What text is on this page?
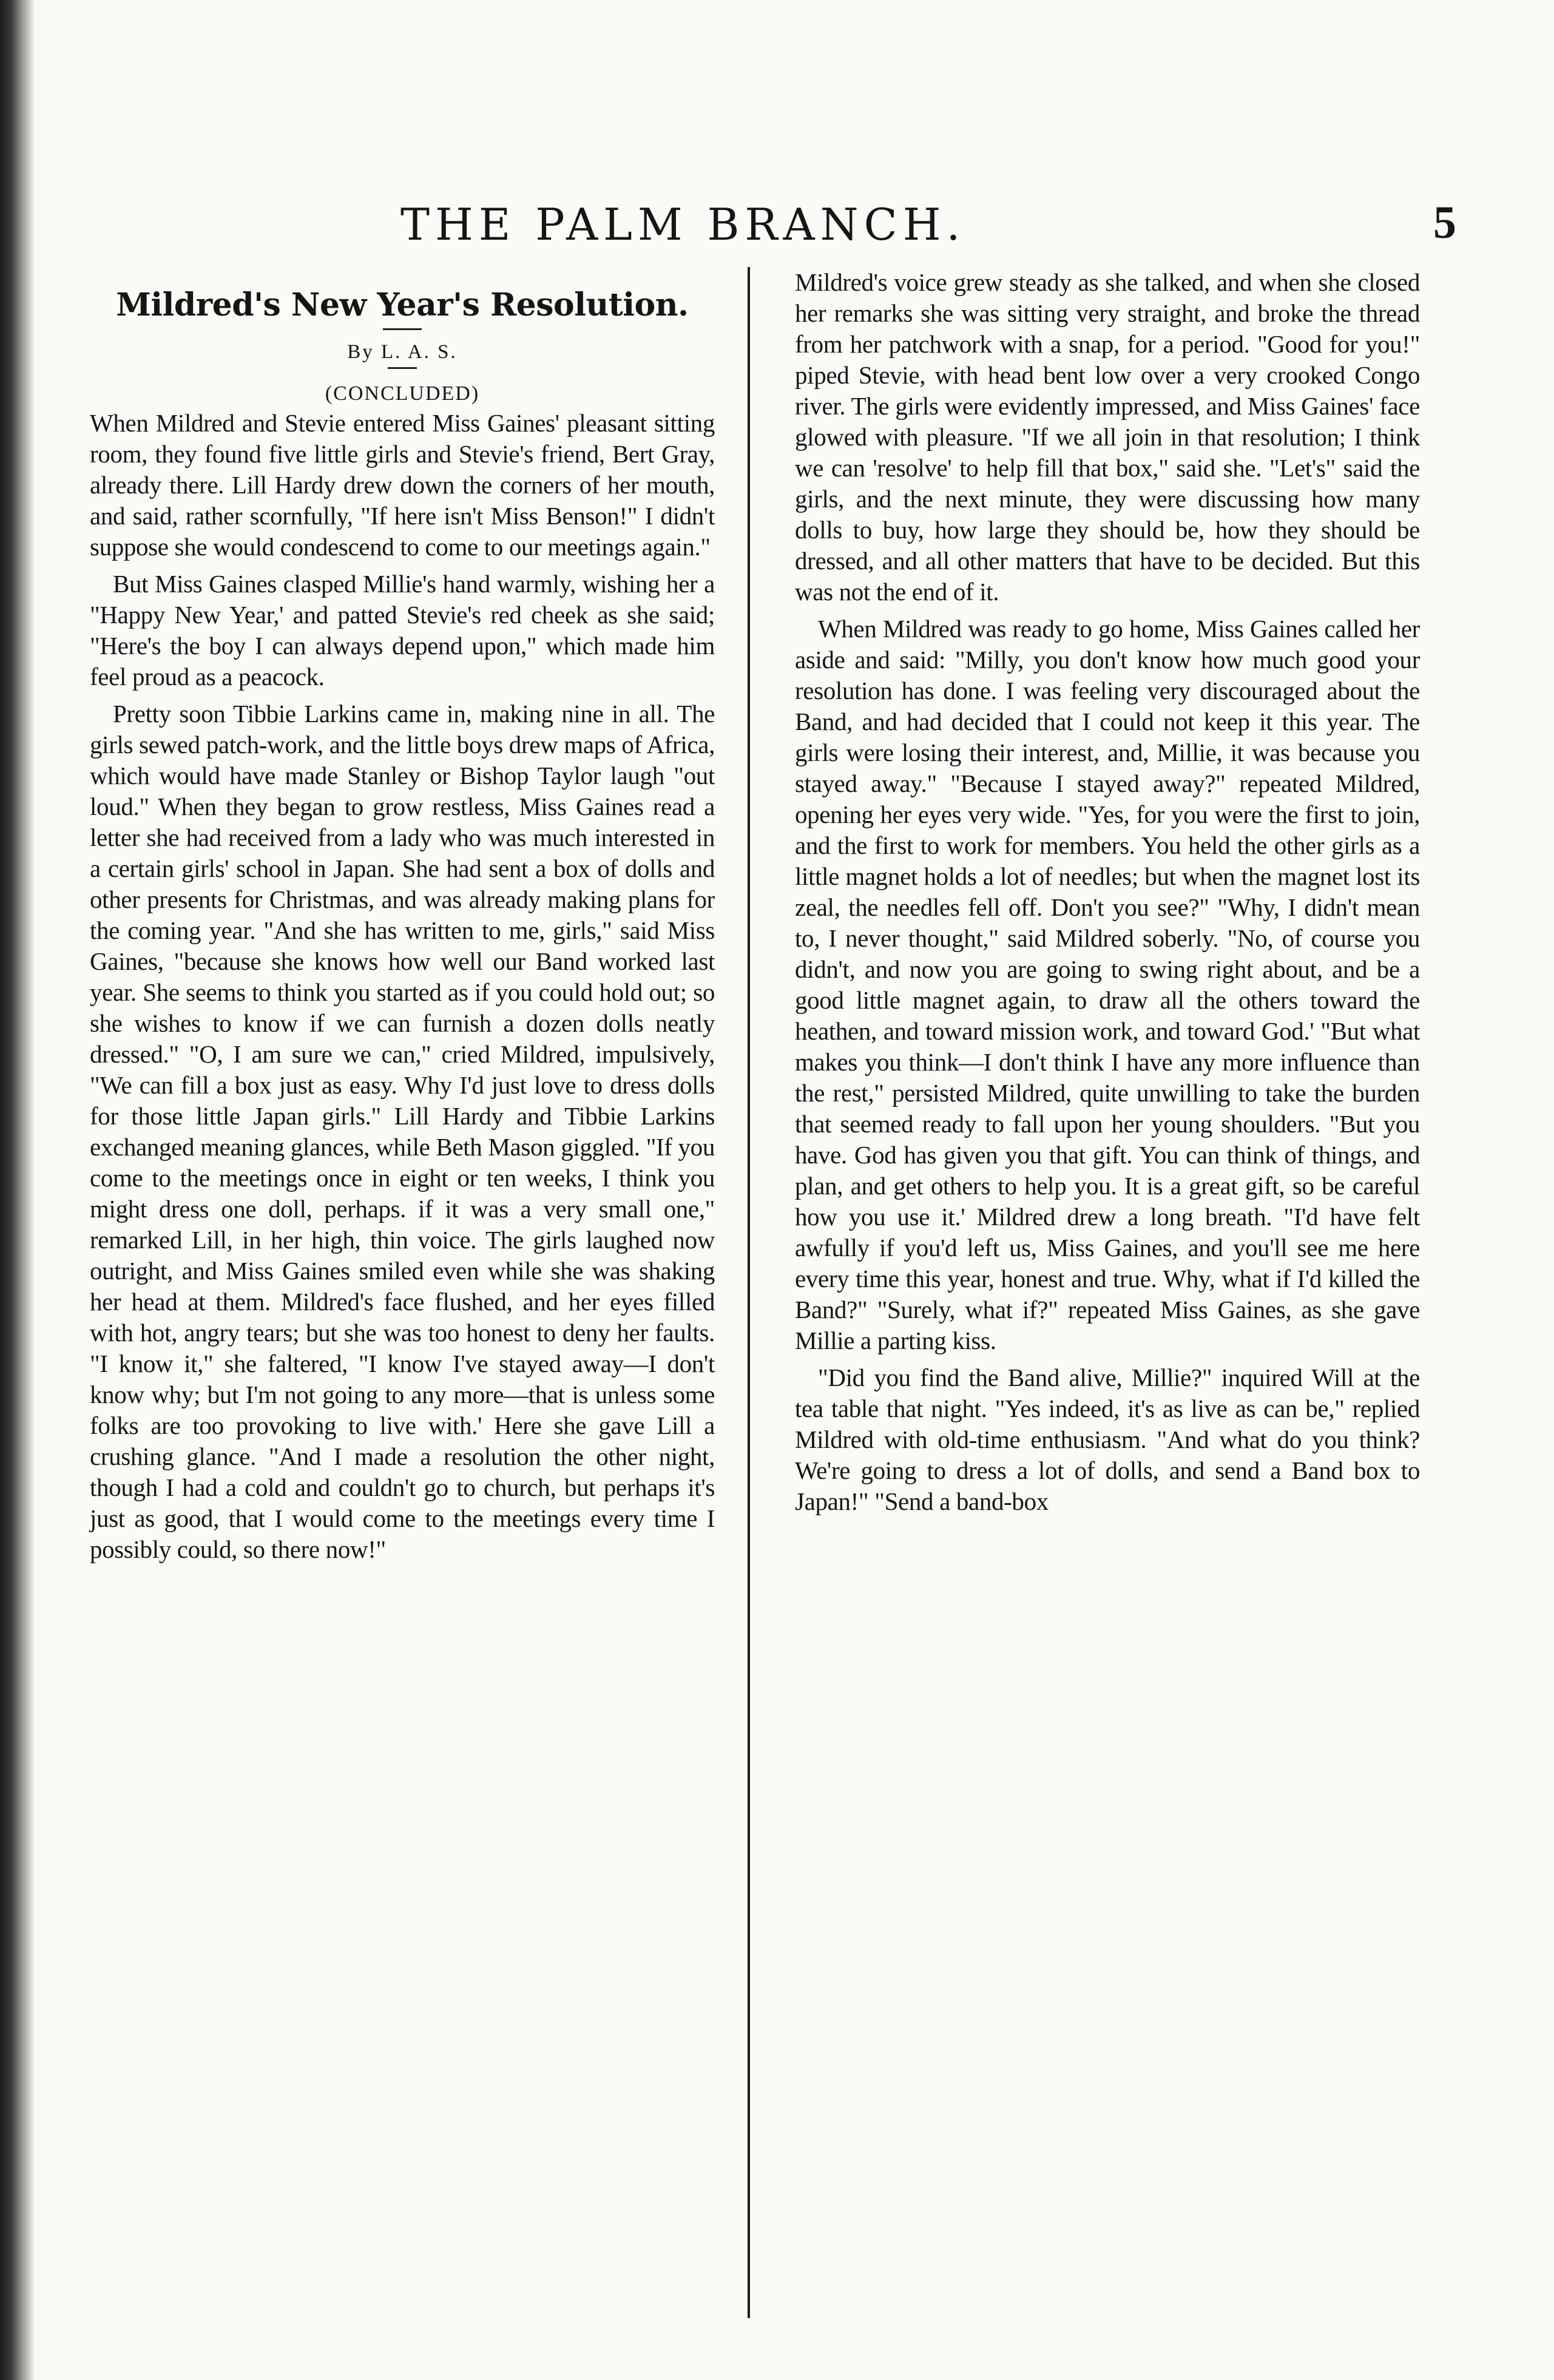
THE PALM BRANCH.	5
Mildred's New Year's Resolution.
By L. A. S.
(CONCLUDED)

When Mildred and Stevie entered Miss Gaines' pleasant sitting room, they found five little girls and Stevie's friend, Bert Gray, already there. Lill Hardy drew down the corners of her mouth, and said, rather scornfully, "If here isn't Miss Benson!" I didn't suppose she would condescend to come to our meetings again."

But Miss Gaines clasped Millie's hand warmly, wishing her a "Happy New Year,' and patted Stevie's red cheek as she said; "Here's the boy I can always depend upon," which made him feel proud as a peacock.

Pretty soon Tibbie Larkins came in, making nine in all. The girls sewed patch-work, and the little boys drew maps of Africa, which would have made Stanley or Bishop Taylor laugh "out loud." When they began to grow restless, Miss Gaines read a letter she had received from a lady who was much interested in a certain girls' school in Japan. She had sent a box of dolls and other presents for Christmas, and was already making plans for the coming year. "And she has written to me, girls," said Miss Gaines, "because she knows how well our Band worked last year. She seems to think you started as if you could hold out; so she wishes to know if we can furnish a dozen dolls neatly dressed." "O, I am sure we can," cried Mildred, impulsively, "We can fill a box just as easy. Why I'd just love to dress dolls for those little Japan girls." Lill Hardy and Tibbie Larkins exchanged meaning glances, while Beth Mason giggled. "If you come to the meetings once in eight or ten weeks, I think you might dress one doll, perhaps. if it was a very small one," remarked Lill, in her high, thin voice. The girls laughed now outright, and Miss Gaines smiled even while she was shaking her head at them. Mildred's face flushed, and her eyes filled with hot, angry tears; but she was too honest to deny her faults. "I know it," she faltered, "I know I've stayed away—I don't know why; but I'm not going to any more—that is unless some folks are too provoking to live with.' Here she gave Lill a crushing glance. "And I made a resolution the other night, though I had a cold and couldn't go to church, but perhaps it's just as good, that I would come to the meetings every time I possibly could, so there now!"

Mildred's voice grew steady as she talked, and when she closed her remarks she was sitting very straight, and broke the thread from her patchwork with a snap, for a period. "Good for you!" piped Stevie, with head bent low over a very crooked Congo river. The girls were evidently impressed, and Miss Gaines' face glowed with pleasure. "If we all join in that resolution; I think we can 'resolve' to help fill that box," said she. "Let's" said the girls, and the next minute, they were discussing how many dolls to buy, how large they should be, how they should be dressed, and all other matters that have to be decided. But this was not the end of it.

When Mildred was ready to go home, Miss Gaines called her aside and said: "Milly, you don't know how much good your resolution has done. I was feeling very discouraged about the Band, and had decided that I could not keep it this year. The girls were losing their interest, and, Millie, it was because you stayed away." "Because I stayed away?" repeated Mildred, opening her eyes very wide. "Yes, for you were the first to join, and the first to work for members. You held the other girls as a little magnet holds a lot of needles; but when the magnet lost its zeal, the needles fell off. Don't you see?" "Why, I didn't mean to, I never thought," said Mildred soberly. "No, of course you didn't, and now you are going to swing right about, and be a good little magnet again, to draw all the others toward the heathen, and toward mission work, and toward God.' "But what makes you think—I don't think I have any more influence than the rest," persisted Mildred, quite unwilling to take the burden that seemed ready to fall upon her young shoulders. "But you have. God has given you that gift. You can think of things, and plan, and get others to help you. It is a great gift, so be careful how you use it.' Mildred drew a long breath. "I'd have felt awfully if you'd left us, Miss Gaines, and you'll see me here every time this year, honest and true. Why, what if I'd killed the Band?" "Surely, what if?" repeated Miss Gaines, as she gave Millie a parting kiss.

"Did you find the Band alive, Millie?" inquired Will at the tea table that night. "Yes indeed, it's as live as can be," replied Mildred with old-time enthusiasm. "And what do you think? We're going to dress a lot of dolls, and send a Band box to Japan!" "Send a band-box
